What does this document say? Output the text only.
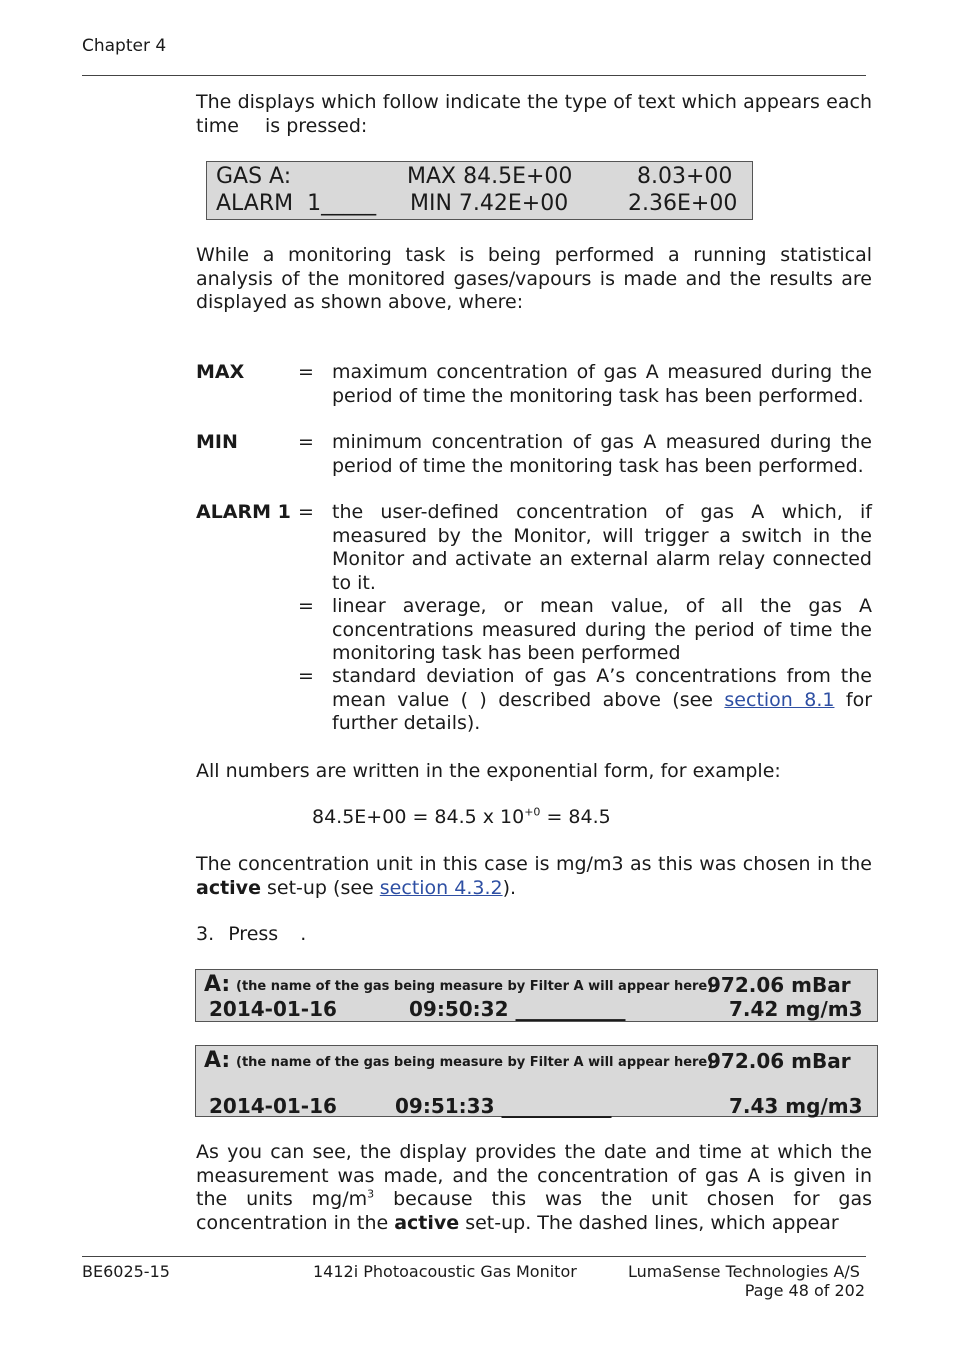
Chapter 4
The displays which follow indicate the type of text which appears each time is pressed:
GAS A:	MAX 84.5E+00	8.03+00
ALARM  1_____ MIN 7.42E+00	2.36E+00
While a monitoring task is being performed a running statistical analysis of the monitored gases/vapours is made and the results are displayed as shown above, where:
MAX	= maximum concentration of gas A measured during the period of time the monitoring task has been performed.
MIN	= minimum concentration of gas A measured during the period of time the monitoring task has been performed.
ALARM 1 = the user-defined concentration of gas A which, if measured by the Monitor, will trigger a switch in the Monitor and activate an external alarm relay connected to it.
= linear average, or mean value, of all the gas A concentrations measured during the period of time the monitoring task has been performed
= standard deviation of gas A’s concentrations from the mean value ( ) described above (see section 8.1 for further details).
All numbers are written in the exponential form, for example:
84.5E+00 = 84.5 x $10^{+0} = 84.5$
The concentration unit in this case is mg/m3 as this was chosen in the active set-up (see section 4.3.2).
3. Press .
A: (the name of the gas being measure by Filter A will appear here)
972.06 mBar
2014-01-16	09:50:32 ___________	7.42 mg/m3
A: (the name of the gas being measure by Filter A will appear here)
972.06 mBar
2014-01-16	09:51:33 ___________	7.43 mg/m3
As you can see, the display provides the date and time at which the measurement was made, and the concentration of gas A is given in the units $mg/m^3$ because this was the unit chosen for gas concentration in the active set-up. The dashed lines, which appear
BE6025-15	1412i Photoacoustic Gas Monitor	LumaSense Technologies A/S
Page 48 of 202
